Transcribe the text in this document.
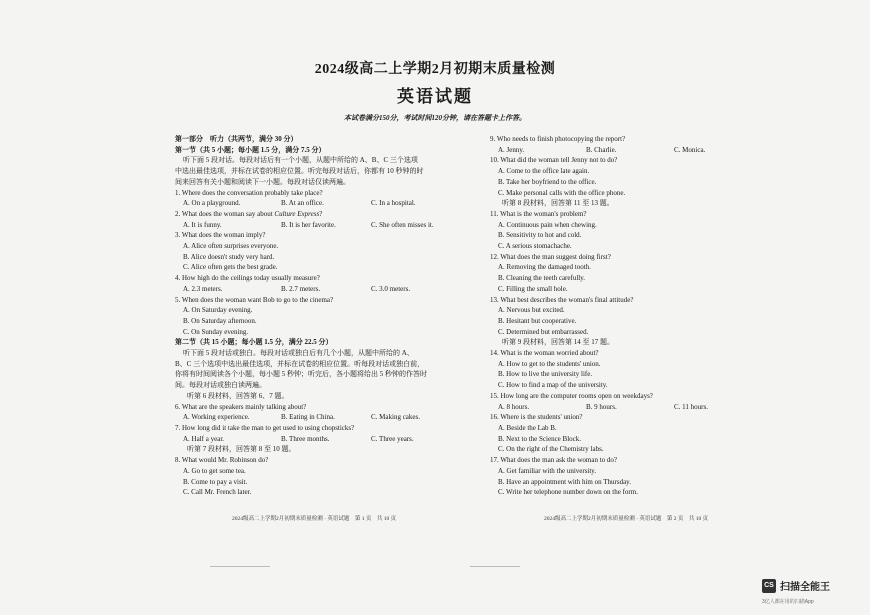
2024级高二上学期2月初期末质量检测
英语试题
本试卷满分150分，考试时间120分钟，请在答题卡上作答。
第一部分　听力（共两节，满分 30 分）
第一节（共 5 小题；每小题 1.5 分，满分 7.5 分）
听下面 5 段对话。每段对话后有一个小题，从题中所给的 A、B、C 三个选项
中选出最佳选项，并标在试卷的相应位置。听完每段对话后，你都有 10 秒钟的时
间来回答有关小题和阅读下一小题。每段对话仅读两遍。
1. Where does the conversation probably take place?
A. On a playground.	B. At an office.	C. In a hospital.
2. What does the woman say about Culture Express?
A. It is funny.	B. It is her favorite.	C. She often misses it.
3. What does the woman imply?
A. Alice often surprises everyone.
B. Alice doesn't study very hard.
C. Alice often gets the best grade.
4. How high do the ceilings today usually measure?
A. 2.3 meters.	B. 2.7 meters.	C. 3.0 meters.
5. When does the woman want Bob to go to the cinema?
A. On Saturday evening.
B. On Saturday afternoon.
C. On Sunday evening.
第二节（共 15 小题；每小题 1.5 分，满分 22.5 分）
听下面 5 段对话或独白。每段对话或独白后有几个小题，从题中所给的 A、
B、C 三个选项中选出最佳选项，并标在试卷的相应位置。听每段对话或独白前，
你将有时间阅读各个小题，每小题 5 秒钟；听完后，各小题将给出 5 秒钟的作答时
间。每段对话或独白读两遍。
听第 6 段材料，回答第 6、7 题。
6. What are the speakers mainly talking about?
A. Working experience.	B. Eating in China.	C. Making cakes.
7. How long did it take the man to get used to using chopsticks?
A. Half a year.	B. Three months.	C. Three years.
听第 7 段材料，回答第 8 至 10 题。
8. What would Mr. Robinson do?
A. Go to get some tea.
B. Come to pay a visit.
C. Call Mr. French later.
9. Who needs to finish photocopying the report?
A. Jenny.	B. Charlie.	C. Monica.
10. What did the woman tell Jenny not to do?
A. Come to the office late again.
B. Take her boyfriend to the office.
C. Make personal calls with the office phone.
听第 8 段材料，回答第 11 至 13 题。
11. What is the woman's problem?
A. Continuous pain when chewing.
B. Sensitivity to hot and cold.
C. A serious stomachache.
12. What does the man suggest doing first?
A. Removing the damaged tooth.
B. Cleaning the teeth carefully.
C. Filling the small hole.
13. What best describes the woman's final attitude?
A. Nervous but excited.
B. Hesitant but cooperative.
C. Determined but embarrassed.
听第 9 段材料，回答第 14 至 17 题。
14. What is the woman worried about?
A. How to get to the students' union.
B. How to live the university life.
C. How to find a map of the university.
15. How long are the computer rooms open on weekdays?
A. 8 hours.	B. 9 hours.	C. 11 hours.
16. Where is the students' union?
A. Beside the Lab B.
B. Next to the Science Block.
C. On the right of the Chemistry labs.
17. What does the man ask the woman to do?
A. Get familiar with the university.
B. Have an appointment with him on Thursday.
C. Write her telephone number down on the form.
2024级高二上学期2月初期末质量检测 · 英语试题　第 1 页　共 10 页	2024级高二上学期2月初期末质量检测 · 英语试题　第 2 页　共 10 页
CS 扫描全能王
3亿人都在用的扫描App
